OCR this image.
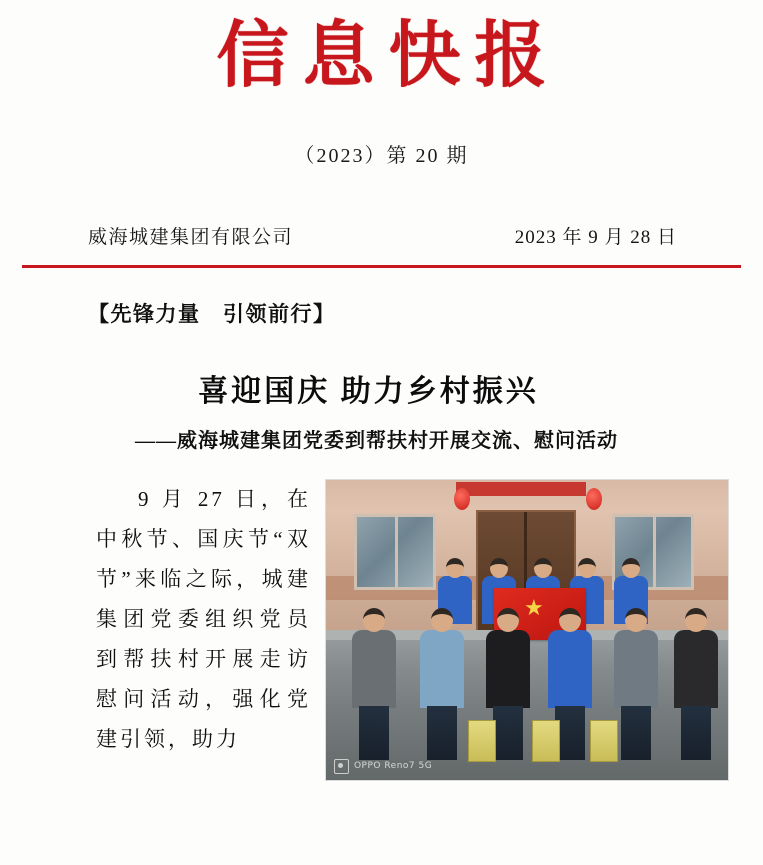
信息快报
（2023）第 20 期
威海城建集团有限公司	2023 年 9 月 28 日
【先锋力量　引领前行】
喜迎国庆 助力乡村振兴
——威海城建集团党委到帮扶村开展交流、慰问活动
9 月 27 日，在中秋节、国庆节“双节”来临之际，城建集团党委组织党员到帮扶村开展走访慰问活动，强化党建引领，助力
★
OPPO Reno7 5G
